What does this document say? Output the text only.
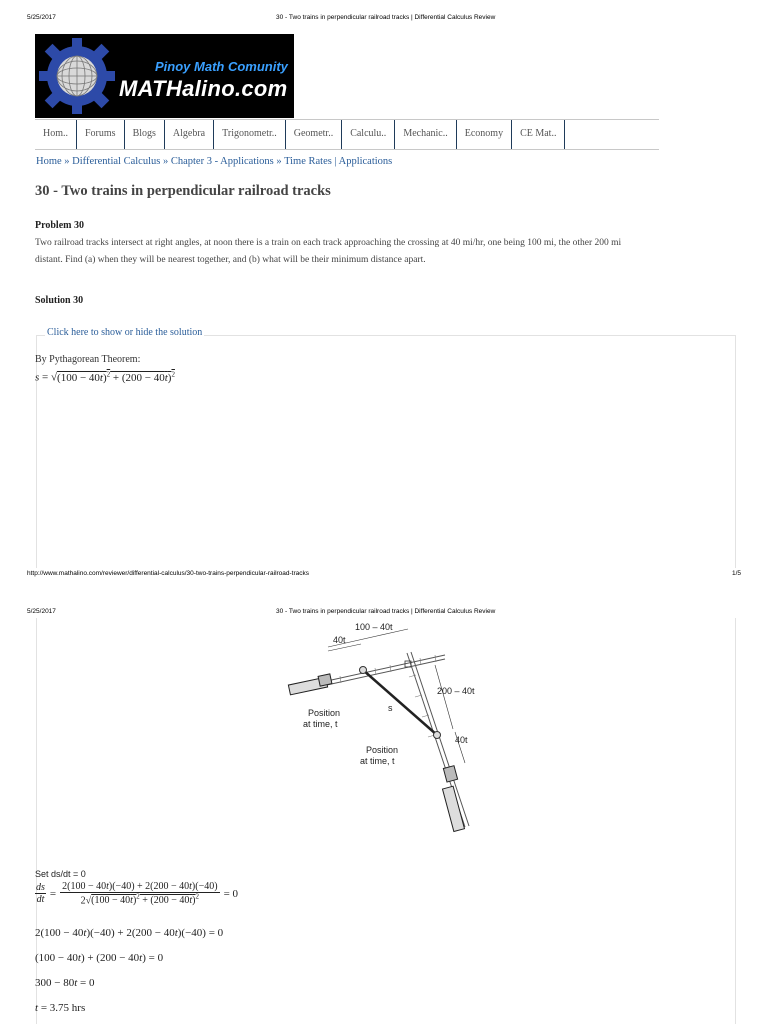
5/25/2017	30 - Two trains in perpendicular railroad tracks | Differential Calculus Review
Pinoy Math Comunity
MATHalino.com
Hom..	Forums	Blogs	Algebra	Trigonometr..	Geometr..	Calculu..	Mechanic..	Economy	CE Mat..
Home » Differential Calculus » Chapter 3 - Applications » Time Rates | Applications
30 - Two trains in perpendicular railroad tracks
Problem 30
Two railroad tracks intersect at right angles, at noon there is a train on each track approaching the crossing at 40 mi/hr, one being 100 mi, the other 200 mi
distant. Find (a) when they will be nearest together, and (b) what will be their minimum distance apart.
Solution 30
Click here to show or hide the solution
By Pythagorean Theorem:
$s = √(100 - 40t)^2 + (200 - 40t)^2$
http://www.mathalino.com/reviewer/differential-calculus/30-two-trains-perpendicular-railroad-tracks	1/5
5/25/2017	30 - Two trains in perpendicular railroad tracks | Differential Calculus Review
100 – 40t
40t
200 – 40t
40t
s
Position
at time, t
Position
at time, t
Set ds/dt = 0
$\frac{ds}{dt} = \frac{2(100 - 40t)(-40) + 2(200 - 40t)(-40)}{2√(100 - 40t)^2 + (200 - 40t)^2} = 0$
2(100 − 40t)(−40) + 2(200 − 40t)(−40) = 0
(100 − 40t) + (200 − 40t) = 0
300 − 80t = 0
t = 3.75 hrs
